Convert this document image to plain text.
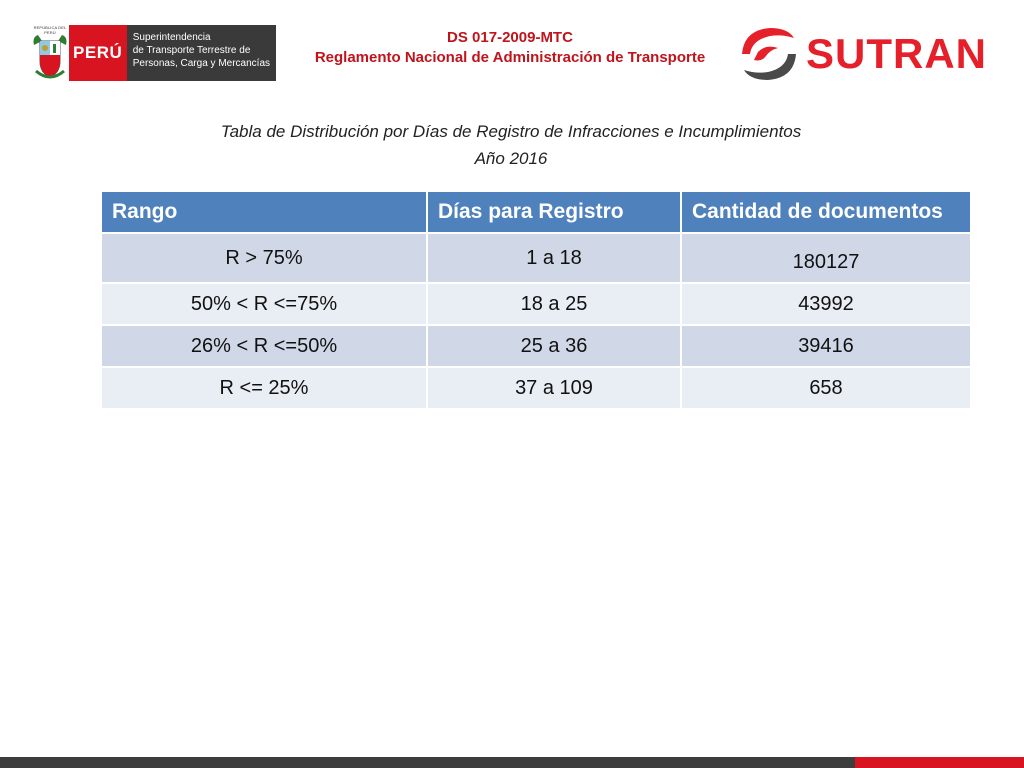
REPÚBLICA DEL PERÚ
PERÚ
Superintendencia
de Transporte Terrestre de
Personas, Carga y Mercancías
DS 017-2009-MTC
Reglamento Nacional de Administración de Transporte	SUTRAN
Tabla de Distribución por Días de Registro de Infracciones e Incumplimientos
Año 2016
Rango	Días para Registro	Cantidad de documentos
R > 75%	1 a 18	180127
50% < R <=75%	18 a 25	43992
26% < R <=50%	25 a 36	39416
R <= 25%	37 a 109	658
